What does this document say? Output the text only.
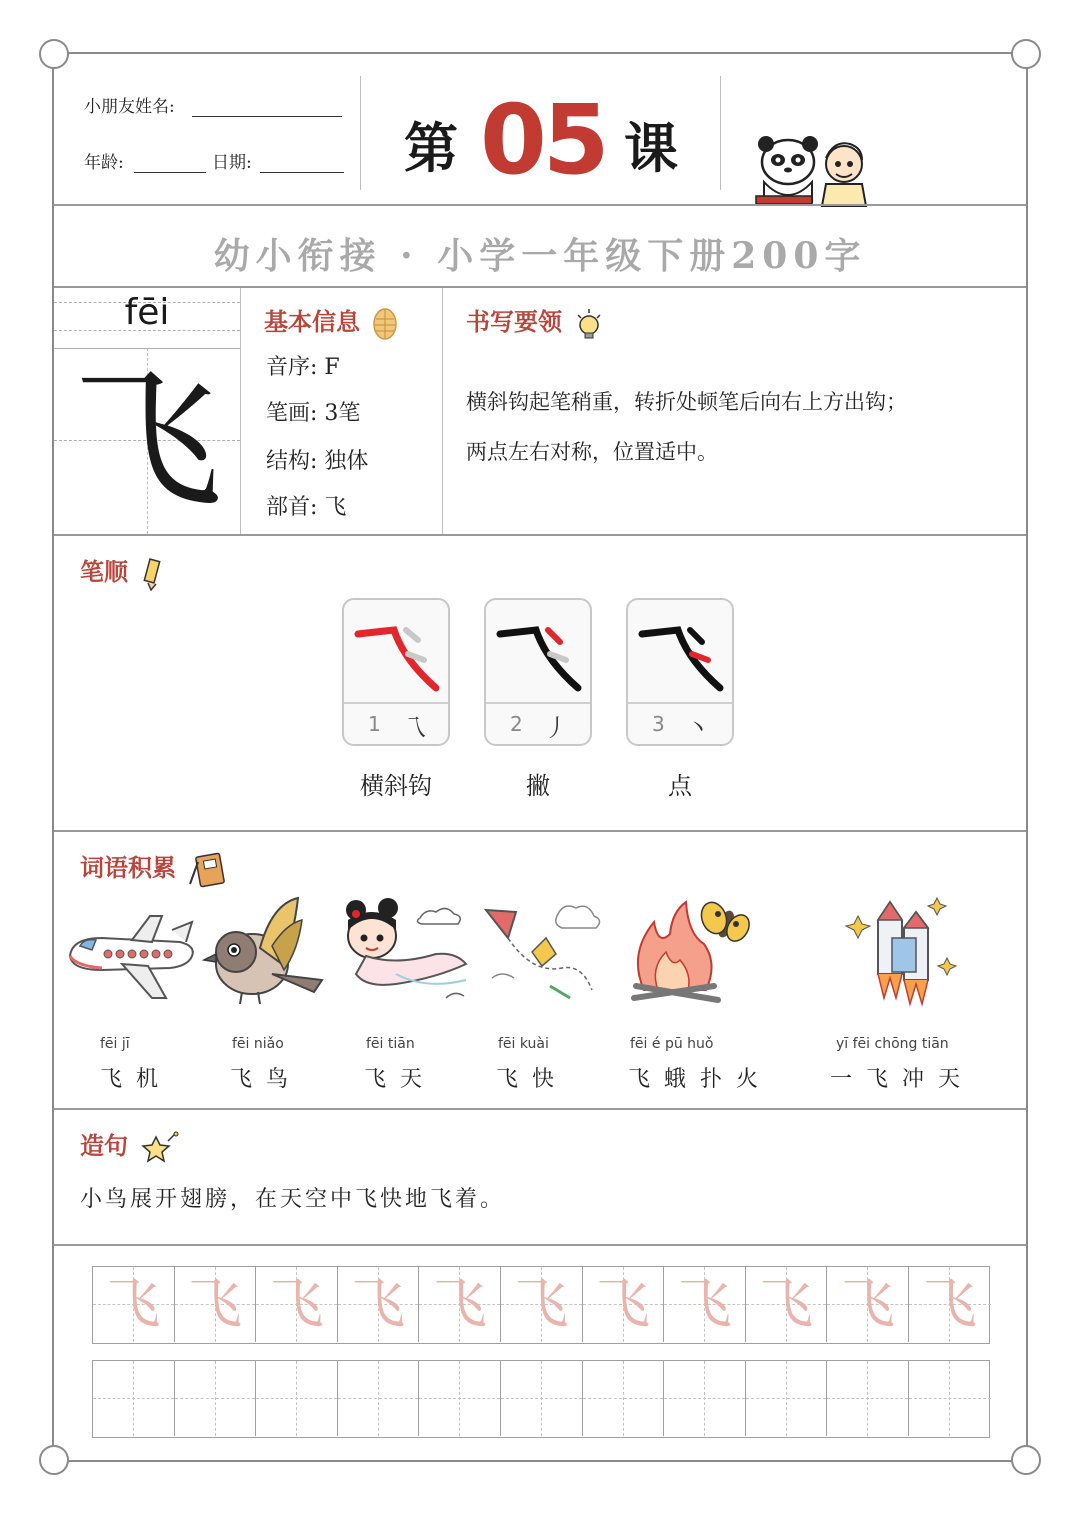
小朋友姓名:
年龄:	日期:	第 05 课
幼小衔接 · 小学一年级下册200字
fēi
飞
基本信息
音序: F
笔画: 3笔
结构: 独体
部首: 飞
书写要领
横斜钩起笔稍重，转折处顿笔后向右上方出钩；
两点左右对称，位置适中。
笔顺
1 乁
横斜钩
2 丿
撇
3 丶
点
词语积累
fēi jī
飞机
fēi niǎo
飞鸟
fēi tiān
飞天
fēi kuài
飞快
fēi é pū huǒ
飞蛾扑火
yī fēi chōng tiān
一飞冲天
造句
小鸟展开翅膀，在天空中飞快地飞着。
飞 飞 飞 飞 飞 飞 飞 飞 飞 飞 飞
